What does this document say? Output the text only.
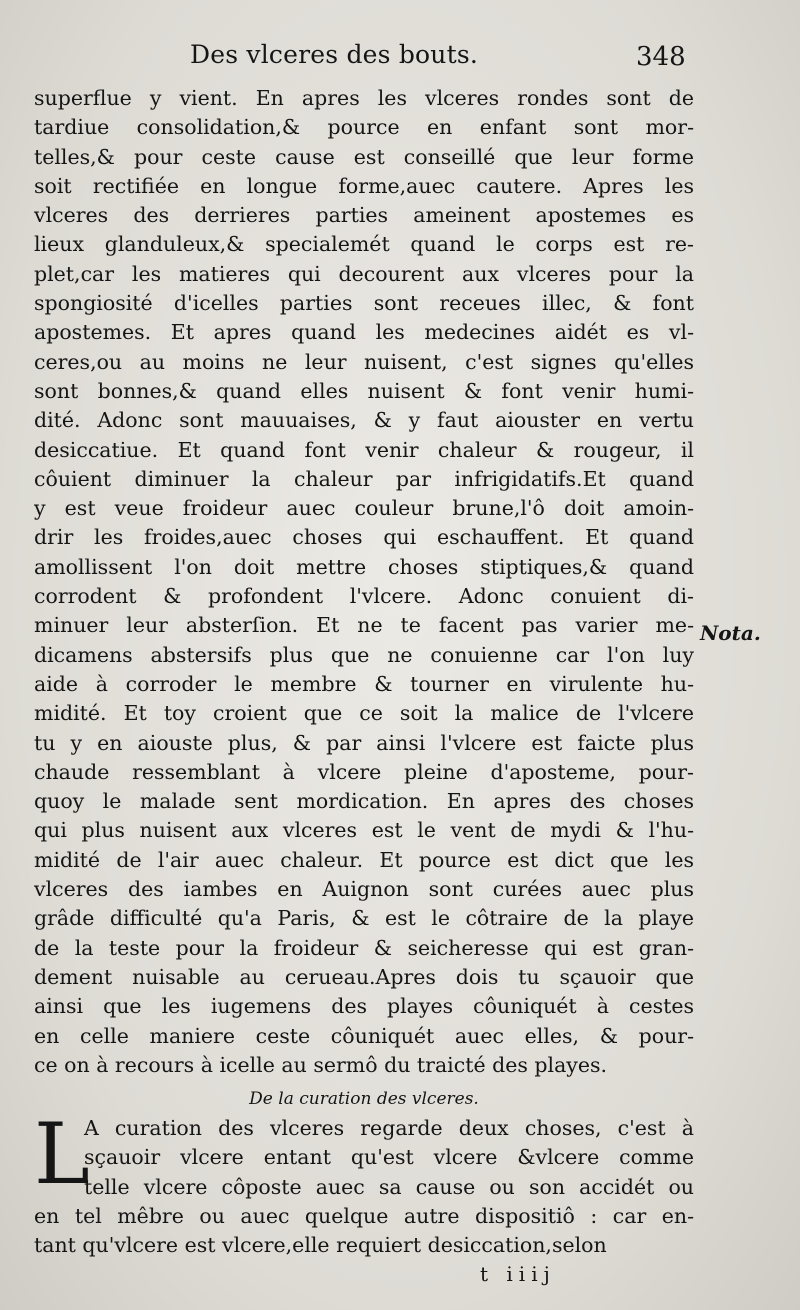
Des vlceres des bouts.	348
superflue y vient. En apres les vlceres rondes sont de
tardiue consolidation,& pource en enfant sont mor-
telles,& pour ceste cause est conseillé que leur forme
soit rectifiée en longue forme,auec cautere. Apres les
vlceres des derrieres parties ameinent apostemes es
lieux glanduleux,& specialemét quand le corps est re-
plet,car les matieres qui decourent aux vlceres pour la
spongiosité d'icelles parties sont receues illec, & font
apostemes. Et apres quand les medecines aidét es vl-
ceres,ou au moins ne leur nuisent, c'est signes qu'elles
sont bonnes,& quand elles nuisent & font venir humi-
dité. Adonc sont mauuaises, & y faut aiouster en vertu
desiccatiue. Et quand font venir chaleur & rougeur, il
côuient diminuer la chaleur par infrigidatifs.Et quand
y est veue froideur auec couleur brune,l'ô doit amoin-
drir les froides,auec choses qui eschauffent. Et quand
amollissent l'on doit mettre choses stiptiques,& quand
corrodent & profondent l'vlcere. Adonc conuient di-
minuer leur absterſion. Et ne te facent pas varier me-
dicamens abstersifs plus que ne conuienne car l'on luy
aide à corroder le membre & tourner en virulente hu-
midité. Et toy croient que ce soit la malice de l'vlcere
tu y en aiouste plus, & par ainsi l'vlcere est faicte plus
chaude ressemblant à vlcere pleine d'aposteme, pour-
quoy le malade sent mordication. En apres des choses
qui plus nuisent aux vlceres est le vent de mydi & l'hu-
midité de l'air auec chaleur. Et pource est dict que les
vlceres des iambes en Auignon sont curées auec plus
grâde difficulté qu'a Paris, & est le côtraire de la playe
de la teste pour la froideur & seicheresse qui est gran-
dement nuisable au cerueau.Apres dois tu sçauoir que
ainsi que les iugemens des playes côuniquét à cestes
en celle maniere ceste côuniquét auec elles, & pour-
ce on à recours à icelle au sermô du traicté des playes.
Nota.
De la curation des vlceres.
L
A curation des vlceres regarde deux choses, c'est à
sçauoir vlcere entant qu'est vlcere &vlcere comme
telle vlcere côposte auec sa cause ou son accidét ou
en tel mêbre ou auec quelque autre dispositiô : car en-
tant qu'vlcere est vlcere,elle requiert desiccation,selon
t iiij
